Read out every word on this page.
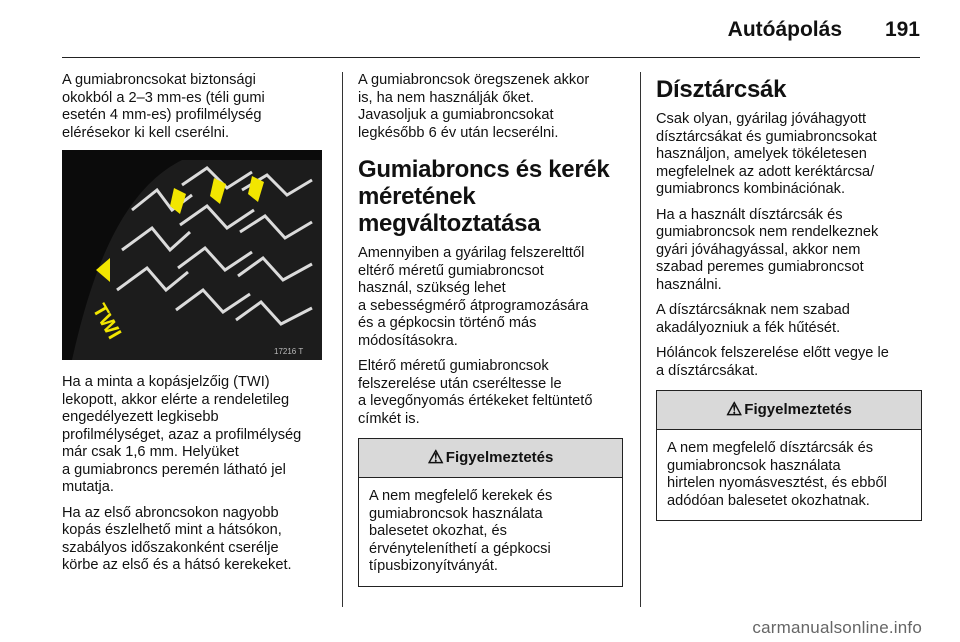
Autóápolás 191

A gumiabroncsokat biztonsági
okokból a 2–3 mm-es (téli gumi
esetén 4 mm-es) profilmélység
elérésekor ki kell cserélni.

TWI
17216 T

Ha a minta a kopásjelzőig (TWI)
lekopott, akkor elérte a rendeletileg
engedélyezett legkisebb
profilmélységet, azaz a profilmélység
már csak 1,6 mm. Helyüket
a gumiabroncs peremén látható jel
mutatja.

Ha az első abroncsokon nagyobb
kopás észlelhető mint a hátsókon,
szabályos időszakonként cserélje
körbe az első és a hátsó kerekeket.

A gumiabroncsok öregszenek akkor
is, ha nem használják őket.
Javasoljuk a gumiabroncsokat
legkésőbb 6 év után lecserélni.

Gumiabroncs és kerék
méretének
megváltoztatása

Amennyiben a gyárilag felszerelttől
eltérő méretű gumiabroncsot
használ, szükség lehet
a sebességmérő átprogramozására
és a gépkocsin történő más
módosításokra.

Eltérő méretű gumiabroncsok
felszerelése után cseréltesse le
a levegőnyomás értékeket feltüntető
címkét is.

⚠ Figyelmeztetés
A nem megfelelő kerekek és
gumiabroncsok használata
balesetet okozhat, és
érvényteleníthetí a gépkocsi
típusbizonyítványát.
Dísztárcsák

Csak olyan, gyárilag jóváhagyott
dísztárcsákat és gumiabroncsokat
használjon, amelyek tökéletesen
megfelelnek az adott keréktárcsa/
gumiabroncs kombinációnak.

Ha a használt dísztárcsák és
gumiabroncsok nem rendelkeznek
gyári jóváhagyással, akkor nem
szabad peremes gumiabroncsot
használni.

A dísztárcsáknak nem szabad
akadályozniuk a fék hűtését.

Hóláncok felszerelése előtt vegye le
a dísztárcsákat.

⚠ Figyelmeztetés
A nem megfelelő dísztárcsák és
gumiabroncsok használata
hirtelen nyomásvesztést, és ebből
adódóan balesetet okozhatnak.
carmanualsonline.info
